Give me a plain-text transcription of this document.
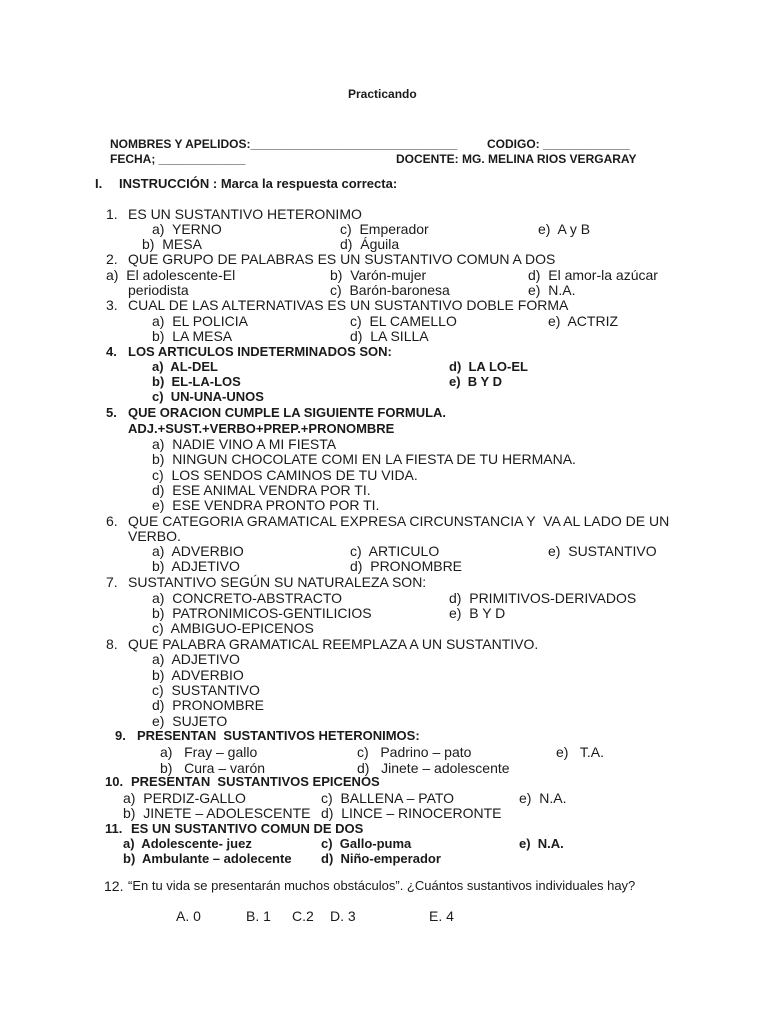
Practicando
NOMBRES Y APELIDOS:_______________________________ CODIGO: _____________
FECHA; _____________	DOCENTE: MG. MELINA RIOS VERGARAY
I. INSTRUCCIÓN : Marca la respuesta correcta:
1. ES UN SUSTANTIVO HETERONIMO
a)  YERNO	c)  Emperador	e)  A y B
b)  MESA	d)  Águila
2. QUE GRUPO DE PALABRAS ES UN SUSTANTIVO COMUN A DOS
a)  El adolescente-El	b)  Varón-mujer	d)  El amor-la azúcar
periodista	c)  Barón-baronesa	e)  N.A.
3. CUAL DE LAS ALTERNATIVAS ES UN SUSTANTIVO DOBLE FORMA
a)  EL POLICIA	c)  EL CAMELLO	e)  ACTRIZ
b)  LA MESA	d)  LA SILLA
4. LOS ARTICULOS INDETERMINADOS SON:
a)  AL-DEL	d)  LA LO-EL
b)  EL-LA-LOS	e)  B Y D
c)  UN-UNA-UNOS
5. QUE ORACION CUMPLE LA SIGUIENTE FORMULA.
ADJ.+SUST.+VERBO+PREP.+PRONOMBRE
a)  NADIE VINO A MI FIESTA
b)  NINGUN CHOCOLATE COMI EN LA FIESTA DE TU HERMANA.
c)  LOS SENDOS CAMINOS DE TU VIDA.
d)  ESE ANIMAL VENDRA POR TI.
e)  ESE VENDRA PRONTO POR TI.
6. QUE CATEGORIA GRAMATICAL EXPRESA CIRCUNSTANCIA Y  VA AL LADO DE UN
VERBO.
a)  ADVERBIO	c)  ARTICULO	e)  SUSTANTIVO
b)  ADJETIVO	d)  PRONOMBRE
7. SUSTANTIVO SEGÚN SU NATURALEZA SON:
a)  CONCRETO-ABSTRACTO	d)  PRIMITIVOS-DERIVADOS
b)  PATRONIMICOS-GENTILICIOS	e)  B Y D
c)  AMBIGUO-EPICENOS
8. QUE PALABRA GRAMATICAL REEMPLAZA A UN SUSTANTIVO.
a)  ADJETIVO
b)  ADVERBIO
c)  SUSTANTIVO
d)  PRONOMBRE
e)  SUJETO
9. PRESENTAN  SUSTANTIVOS HETERONIMOS:
a)   Fray – gallo	c)   Padrino – pato	e)   T.A.
b)   Cura – varón	d)   Jinete – adolescente
10. PRESENTAN  SUSTANTIVOS EPICENOS
a)  PERDIZ-GALLO	c)  BALLENA – PATO	e)  N.A.
b)  JINETE – ADOLESCENTE d)  LINCE – RINOCERONTE
11. ES UN SUSTANTIVO COMUN DE DOS
a)  Adolescente- juez	c)  Gallo-puma	e)  N.A.
b)  Ambulante – adolecente d)  Niño-emperador
12. “En tu vida se presentarán muchos obstáculos”. ¿Cuántos sustantivos individuales hay?
A. 0	B. 1 C.2 D. 3	E. 4
